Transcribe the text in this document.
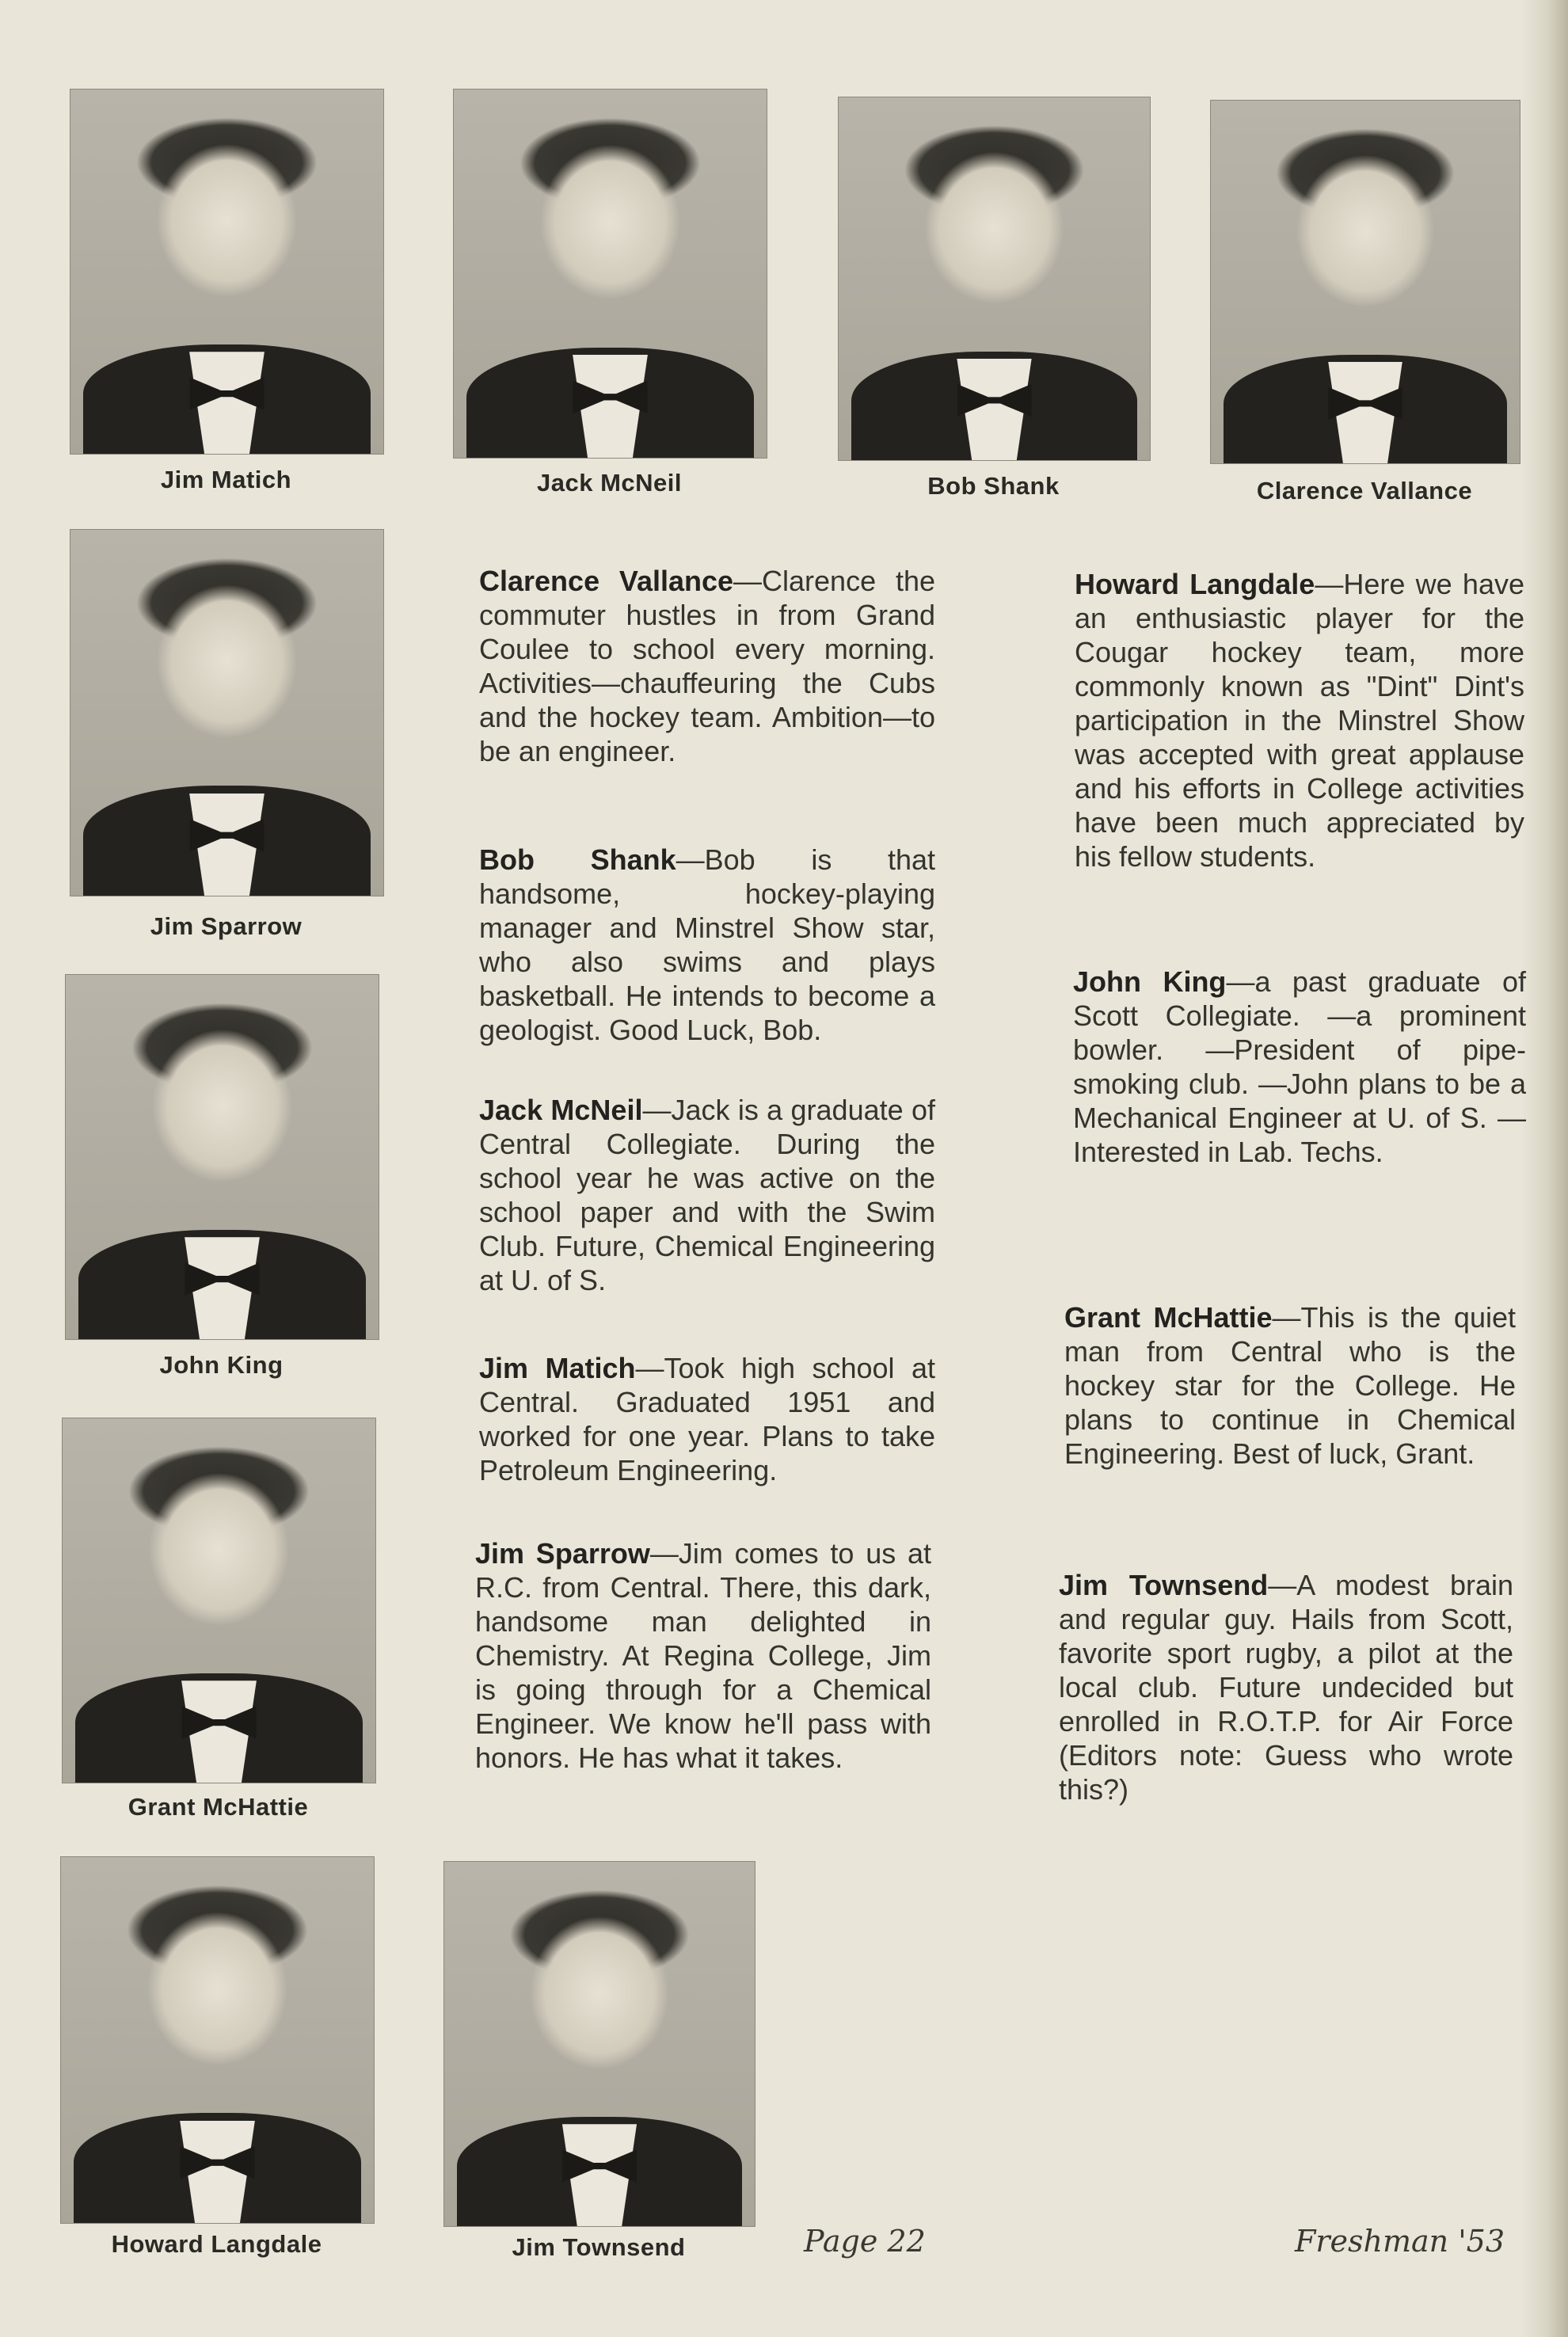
Jim Matich	Jack McNeil	Bob Shank	Clarence Vallance
Jim Sparrow
John King
Grant McHattie
Howard Langdale	Jim Townsend
Clarence Vallance—Clarence the commuter hustles in from Grand Coulee to school every morning. Activities—chauffeuring the Cubs and the hockey team. Ambition—to be an engineer.
Bob Shank—Bob is that handsome, hockey-playing manager and Minstrel Show star, who also swims and plays basketball. He intends to become a geologist. Good Luck, Bob.
Jack McNeil—Jack is a graduate of Central Collegiate. During the school year he was active on the school paper and with the Swim Club. Future, Chemical Engineering at U. of S.
Jim Matich—Took high school at Central. Graduated 1951 and worked for one year. Plans to take Petroleum Engineering.
Jim Sparrow—Jim comes to us at R.C. from Central. There, this dark, handsome man delighted in Chemistry. At Regina College, Jim is going through for a Chemical Engineer. We know he'll pass with honors. He has what it takes.
Howard Langdale—Here we have an enthusiastic player for the Cougar hockey team, more commonly known as "Dint" Dint's participation in the Minstrel Show was accepted with great applause and his efforts in College activities have been much appreciated by his fellow students.
John King—a past graduate of Scott Collegiate. —a prominent bowler. —President of pipe-smoking club. —John plans to be a Mechanical Engineer at U. of S. —Interested in Lab. Techs.
Grant McHattie—This is the quiet man from Central who is the hockey star for the College. He plans to continue in Chemical Engineering. Best of luck, Grant.
Jim Townsend—A modest brain and regular guy. Hails from Scott, favorite sport rugby, a pilot at the local club. Future undecided but enrolled in R.O.T.P. for Air Force (Editors note: Guess who wrote this?)
Page 22	Freshman '53
